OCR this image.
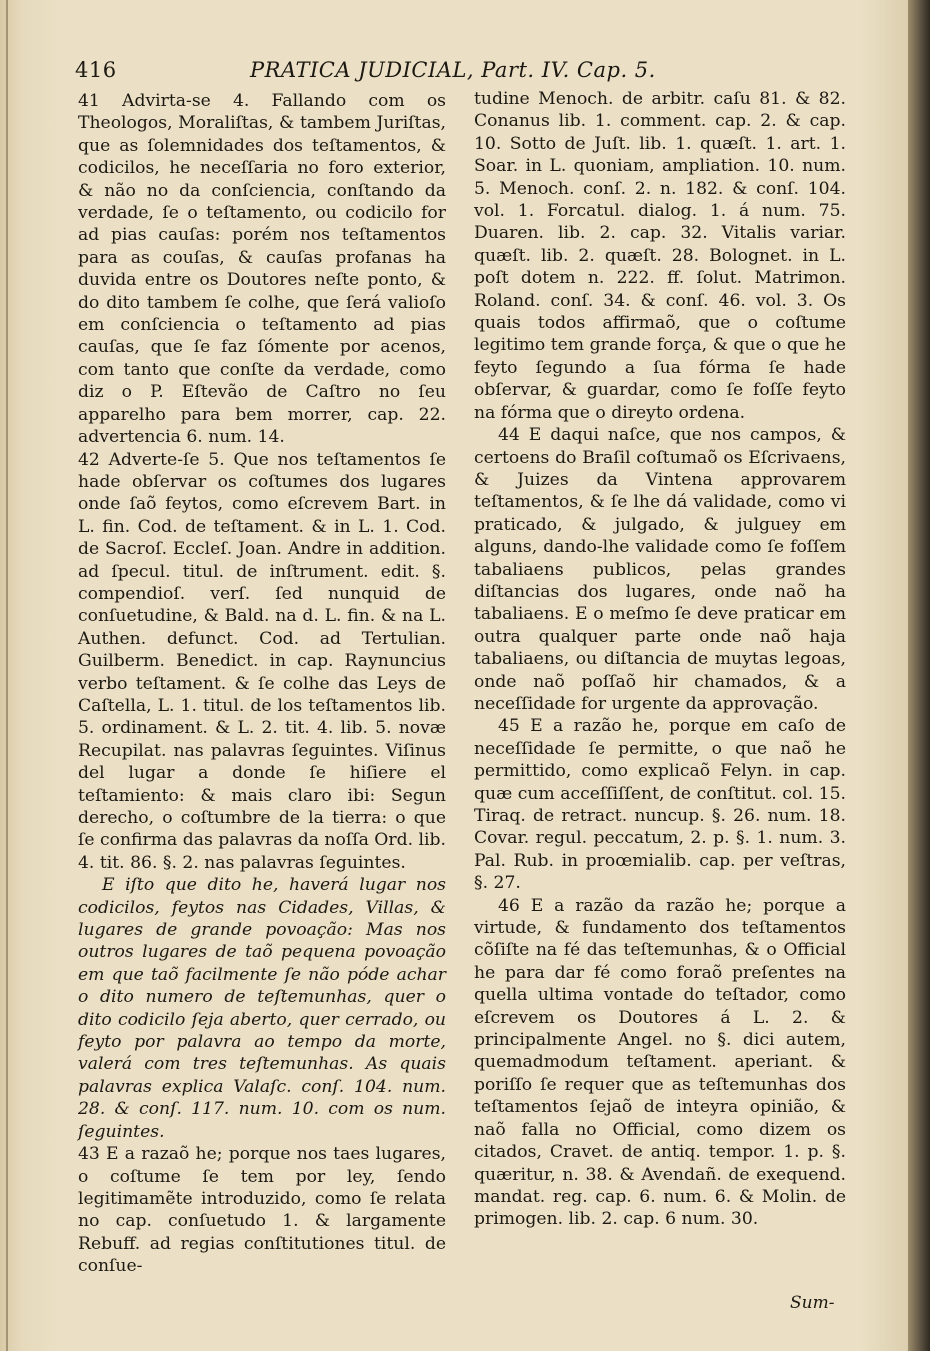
416	PRATICA JUDICIAL, Part. IV. Cap. 5.

41 Advirta-se 4. Fallando com os Theologos, Moraliſtas, & tambem Juriſtas, que as ſolemnidades dos teſtamentos, & codicilos, he neceſſaria no foro exterior, & não no da conſciencia, conſtando da verdade, ſe o teſtamento, ou codicilo for ad pias cauſas: porém nos teſtamentos para as couſas, & cauſas profanas ha duvida entre os Doutores neſte ponto, & do dito tambem ſe colhe, que ſerá valioſo em conſciencia o teſtamento ad pias cauſas, que ſe faz ſómente por acenos, com tanto que conſte da verdade, como diz o P. Eſtevão de Caſtro no ſeu apparelho para bem morrer, cap. 22. advertencia 6. num. 14.

42 Adverte-ſe 5. Que nos teſtamentos ſe hade obſervar os coſtumes dos lugares onde ſaõ feytos, como eſcrevem Bart. in L. fin. Cod. de teſtament. & in L. 1. Cod. de Sacroſ. Eccleſ. Joan. Andre in addition. ad ſpecul. titul. de inſtrument. edit. §. compendioſ. verſ. ſed nunquid de conſuetudine, & Bald. na d. L. fin. & na L. Authen. defunct. Cod. ad Tertulian. Guilberm. Benedict. in cap. Raynuncius verbo teſtament. & ſe colhe das Leys de Caſtella, L. 1. titul. de los teſtamentos lib. 5. ordinament. & L. 2. tit. 4. lib. 5. novæ Recupilat. nas palavras ſeguintes. Viſinus del lugar a donde ſe hiſiere el teſtamiento: & mais claro ibi: Segun derecho, o coſtumbre de la tierra: o que ſe confirma das palavras da noſſa Ord. lib. 4. tit. 86. §. 2. nas palavras ſeguintes.

E iſto que dito he, haverá lugar nos codicilos, feytos nas Cidades, Villas, & lugares de grande povoação: Mas nos outros lugares de taõ pequena povoação em que taõ facilmente ſe não póde achar o dito numero de teſtemunhas, quer o dito codicilo ſeja aberto, quer cerrado, ou feyto por palavra ao tempo da morte, valerá com tres teſtemunhas. As quais palavras explica Valaſc. conſ. 104. num. 28. & conſ. 117. num. 10. com os num. ſeguintes.

43 E a razaõ he; porque nos taes lugares, o coſtume ſe tem por ley, ſendo legitimamẽte introduzido, como ſe relata no cap. conſuetudo 1. & largamente Rebuff. ad regias conſtitutiones titul. de conſue-

tudine Menoch. de arbitr. caſu 81. & 82. Conanus lib. 1. comment. cap. 2. & cap. 10. Sotto de Juſt. lib. 1. quæſt. 1. art. 1. Soar. in L. quoniam, ampliation. 10. num. 5. Menoch. conſ. 2. n. 182. & conſ. 104. vol. 1. Forcatul. dialog. 1. á num. 75. Duaren. lib. 2. cap. 32. Vitalis variar. quæſt. lib. 2. quæſt. 28. Bolognet. in L. poſt dotem n. 222. ff. ſolut. Matrimon. Roland. conſ. 34. & conſ. 46. vol. 3. Os quais todos affirmaõ, que o coſtume legitimo tem grande força, & que o que he feyto ſegundo a ſua fórma ſe hade obſervar, & guardar, como ſe foſſe feyto na fórma que o direyto ordena.

44 E daqui naſce, que nos campos, & certoens do Braſil coſtumaõ os Eſcrivaens, & Juizes da Vintena approvarem teſtamentos, & ſe lhe dá validade, como vi praticado, & julgado, & julguey em alguns, dando-lhe validade como ſe foſſem tabaliaens publicos, pelas grandes diſtancias dos lugares, onde naõ ha tabaliaens. E o meſmo ſe deve praticar em outra qualquer parte onde naõ haja tabaliaens, ou diſtancia de muytas legoas, onde naõ poſſaõ hir chamados, & a neceſſidade for urgente da approvação.

45 E a razão he, porque em caſo de neceſſidade ſe permitte, o que naõ he permittido, como explicaõ Felyn. in cap. quæ cum acceſſiſſent, de conſtitut. col. 15. Tiraq. de retract. nuncup. §. 26. num. 18. Covar. regul. peccatum, 2. p. §. 1. num. 3. Pal. Rub. in proœmialib. cap. per veſtras, §. 27.

46 E a razão da razão he; porque a virtude, & fundamento dos teſtamentos cõſiſte na fé das teſtemunhas, & o Official he para dar fé como foraõ preſentes na quella ultima vontade do teſtador, como eſcrevem os Doutores á L. 2. & principalmente Angel. no §. dici autem, quemadmodum teſtament. aperiant. & poriſſo ſe requer que as teſtemunhas dos teſtamentos ſejaõ de inteyra opinião, & naõ falla no Official, como dizem os citados, Cravet. de antiq. tempor. 1. p. §. quæritur, n. 38. & Avendañ. de exequend. mandat. reg. cap. 6. num. 6. & Molin. de primogen. lib. 2. cap. 6 num. 30.

Sum-
